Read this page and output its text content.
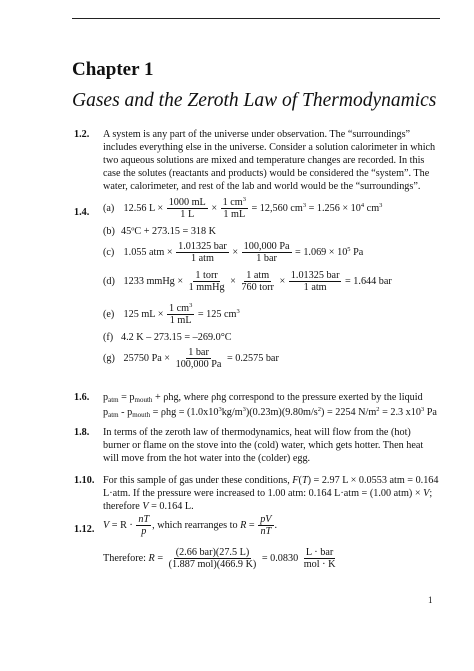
Chapter 1
Gases and the Zeroth Law of Thermodynamics
1.2. A system is any part of the universe under observation. The “surroundings” includes everything else in the universe. Consider a solution calorimeter in which two aqueous solutions are mixed and temperature changes are recorded. In this case the solutes (reactants and products) would be considered the “system”. The water, calorimeter, and rest of the lab and world would be the “surroundings”.
1.4. (a) 12.56 $L \times \frac{1000 mL}{1 L} \times \frac{1 cm^3}{1 mL} = 12,560$ $cm^3 = 1.256 \times 10^4$ $cm^3$
(b) 45ºC + 273.15 = 318 K
(c) 1.055 atm × $\frac{\text{1.01325 bar}}{\text{1 atm}} \times \frac{100,000 Pa}{\text{1 bar}} = 1.069 \times 10^5$ Pa
(d) 1233 mmHg × $\frac{\text{1 torr}}{\text{1 mmHg}} \times \frac{\text{1 atm}}{\text{760 torr}} \times \frac{\text{1.01325 bar}}{\text{1 atm}} = 1.644$ bar
(e) 125 mL × $\frac{1 cm^3}{1 mL} = 125$ $cm^3$
(f) 4.2 K – 273.15 = –269.0°C
(g) 25750 $Pa \times \frac{\text{1 bar}}{100,000 Pa} = 0.2575$ bar
1.6. patm = pmouth + ρhg, where ρhg correspond to the pressure exerted by the liquid
patm - pmouth = $\rho hg = (1.0x10^3kg/m^3)(0.23m)(9.80m/s^2) = 2254$ $N/m^2 = 2.3$ $x10^3$ Pa
1.8. In terms of the zeroth law of thermodynamics, heat will flow from the (hot) burner or flame on the stove into the (cold) water, which gets hotter. Then heat will move from the hot water into the (colder) egg.
1.10. For this sample of gas under these conditions, F(T) = 2.97 L × 0.0553 atm = 0.164 L·atm. If the pressure were increased to 1.00 atm: 0.164 L·atm = (1.00 atm) × V; therefore V = 0.164 L.
1.12. $V = R \cdot \frac{nT}{p}$ , which rearranges to $R = \frac{pV}{nT}$ .
Therefore: $R = \frac{\text{(2.66 bar)(27.5 L)}}{\text{(1.887 mol)(466.9 K)}} = 0.0830 \frac{\text{L · bar}}{\text{mol · K}}$
1
